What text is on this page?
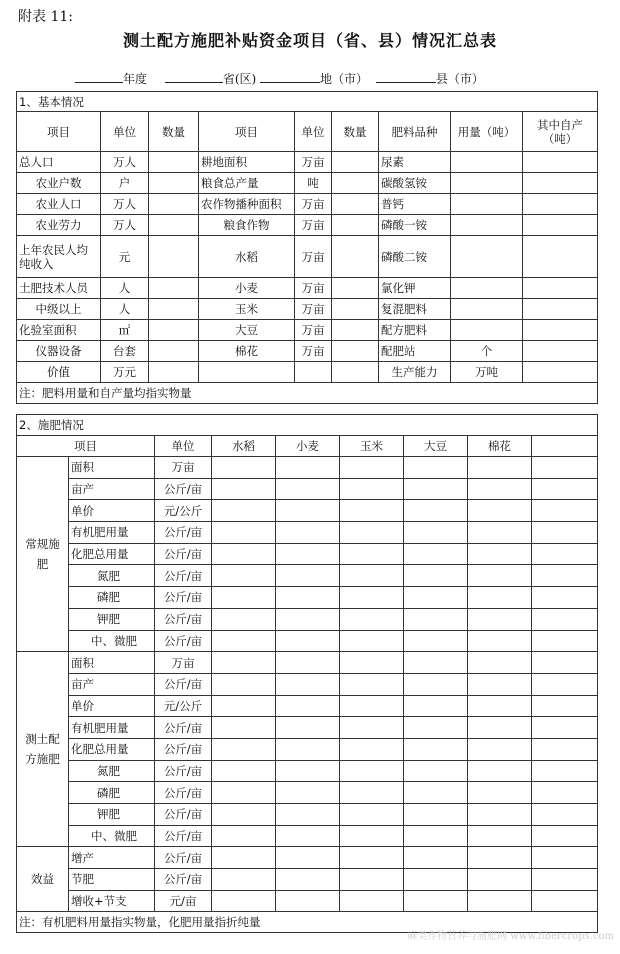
附表 11:
测土配方施肥补贴资金项目（省、县）情况汇总表
年度	省(区)	地（市）	县（市）
1、基本情况								
项目	单位	数量	项目	单位	数量	肥料品种	用量（吨）	其中自产（吨）
总人口	万人		耕地面积	万亩		尿素		
农业户数	户		粮食总产量	吨		碳酸氢铵		
农业人口	万人		农作物播种面积	万亩		普钙		
农业劳力	万人		粮食作物	万亩		磷酸一铵		
上年农民人均纯收入	元		水稻	万亩		磷酸二铵		
土肥技术人员	人		小麦	万亩		氯化钾		
中级以上	人		玉米	万亩		复混肥料		
化验室面积	㎡		大豆	万亩		配方肥料		
仪器设备	台套		棉花	万亩		配肥站	个	
价值	万元					生产能力	万吨	
注：肥料用量和自产量均指实物量								
2、施肥情况								
项目		单位	水稻	小麦	玉米	大豆	棉花	
常规施肥	面积	万亩						
	亩产	公斤/亩						
	单价	元/公斤						
	有机肥用量	公斤/亩						
	化肥总用量	公斤/亩						
	氮肥	公斤/亩						
	磷肥	公斤/亩						
	钾肥	公斤/亩						
	中、微肥	公斤/亩						
测土配方施肥	面积	万亩						
	亩产	公斤/亩						
	单价	元/公斤						
	有机肥用量	公斤/亩						
	化肥总用量	公斤/亩						
	氮肥	公斤/亩						
	磷肥	公斤/亩						
	钾肥	公斤/亩						
	中、微肥	公斤/亩						
效益	增产	公斤/亩						
	节肥	公斤/亩						
	增收+节支	元/亩						
注：有机肥料用量指实物量，化肥用量指折纯量								
麻类作物营养与施肥网 www.fibercrops.com
